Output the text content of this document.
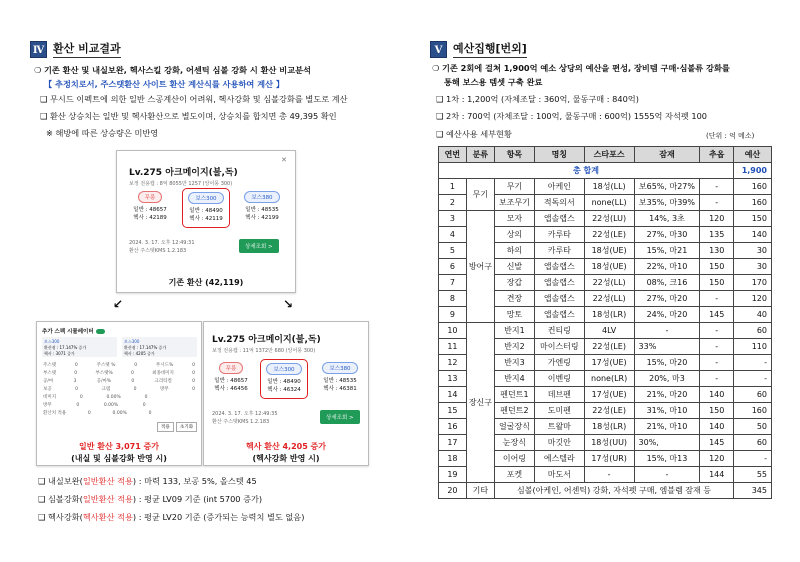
Ⅳ 환산 비교결과
❍ 기존 환산 및 내실보완, 헥사스킬 강화, 어센틱 심볼 강화 시 환산 비교분석
【 추정치로서, 주스탯환산 사이트 환산 계산식를 사용하여 계산 】
❑ 무시드 이펙트에 의한 일반 스공계산이 어려워, 헥사강화 및 심볼강화를 별도로 계산
❑ 환산 상승치는 일반 및 헥사환산으로 별도이며, 상승치를 합치면 총 49,395 확인
※ 해방에 따른 상승량은 미반영
Lv.275 아크메이지(불,독)
보정 전용캡 : 8억 8055만 1257 (앙어몽 300)
✕
무릉
일반 : 48657
헥사 : 42189
보스300
일반 : 48490
헥사 : 42119
보스380
일반 : 48535
헥사 : 42199
2024. 3. 17. 오후 12:49:31
환산 주스탯KMS 1.2.183
상세조회 >
기존 환산 (42,119)
↙	↘
추가 스펙 시뮬레이터
보스300
환산점 : 17.147% 증가
헥사 : 3071 증가
보스300
환산점 : 17.147% 증가
헥사 : 4205 증가
주스탯	0	주스탯 %	0	무시드%	0
부스탯	0	부스탯%	0	최종데미지	0
공/마	3	공/마%	0	크리티컬	0
보공	0	크뎀	0	방무	0
데미지	0	0.00%	0
방무	0	0.00%	0
환산치 적용	0	0.00%	0
적용	초기화
일반 환산 3,071 증가
(내실 및 심볼강화 반영 시)
Lv.275 아크메이지(불,독)
보정 전용캡 : 11억 1372만 680 (앙어몽 300)
무릉
일반 : 48657
헥사 : 46456
보스300
일반 : 48490
헥사 : 46324
보스380
일반 : 48535
헥사 : 46381
2024. 3. 17. 오후 12:49:35
환산 주스탯KMS 1.2.183
상세조회 >
헥사 환산 4,205 증가
(헥사강화 반영 시)
❑ 내실보완(일반환산 적용) : 마력 133, 보공 5%, 올스텟 45
❑ 심볼강화(일반환산 적용) : 평균 LV09 기준 (int 5700 증가)
❑ 헥사강화(헥사환산 적용) : 평균 LV20 기준 (증가되는 능력치 별도 없음)
Ⅴ 예산집행[번외]
❍ 기존 2회에 걸쳐 1,900억 예소 상당의 예산을 편성, 장비템 구매·심볼류 강화를
통해 보스용 템셋 구축 완료
❑ 1차 : 1,200억 (자체조달 : 360억, 물동구매 : 840억)
❑ 2차 : 700억 (자체조달 : 100억, 물동구매 : 600억) 1555억 자석펫 100
❑ 예산사용 세부현황	(단위 : 억 메소)
연번	분류	항목	명칭	스타포스	잠재	추옵	예산
총 합계							1,900
1	무기	무기	아케인	18성(LL)	보65%, 마27%	-	160
2		보조무기	적독의서	none(LL)	보35%, 마39%	-	160
3	방어구	모자	앱솔랩스	22성(LU)	14%, 3초	120	150
4		상의	카루타	22성(LE)	27%, 마30	135	140
5		하의	카루타	18성(UE)	15%, 마21	130	30
6		신발	앱솔랩스	18성(UE)	22%, 마10	150	30
7		장갑	앱솔랩스	22성(LL)	08%, 크16	150	170
8		견장	앱솔랩스	22성(LL)	27%, 마20	-	120
9		망토	앱솔랩스	18성(LR)	24%, 마20	145	40
10	장신구	반지1	컨티링	4LV	-	-	60
11		반지2	마이스터링	22성(LE)	33%	-	110
12		반지3	가엔링	17성(UE)	15%, 마20	-	-
13		반지4	이벤링	none(LR)	20%, 마3	-	-
14		펜던트1	데브펜	17성(UE)	21%, 마20	140	60
15		펜던트2	도미펜	22성(LE)	31%, 마10	150	160
16		얼굴장식	트왈마	18성(LR)	21%, 마10	140	50
17		눈장식	마깃안	18성(UU)	30%,	145	60
18		이어링	에스텔라	17성(UR)	15%, 마13	120	-
19		포켓	마도서	-	-	144	55
20	기타	심볼(아케인, 어센틱) 강화, 자석펫 구매, 엠블렘 잠재 등					345
